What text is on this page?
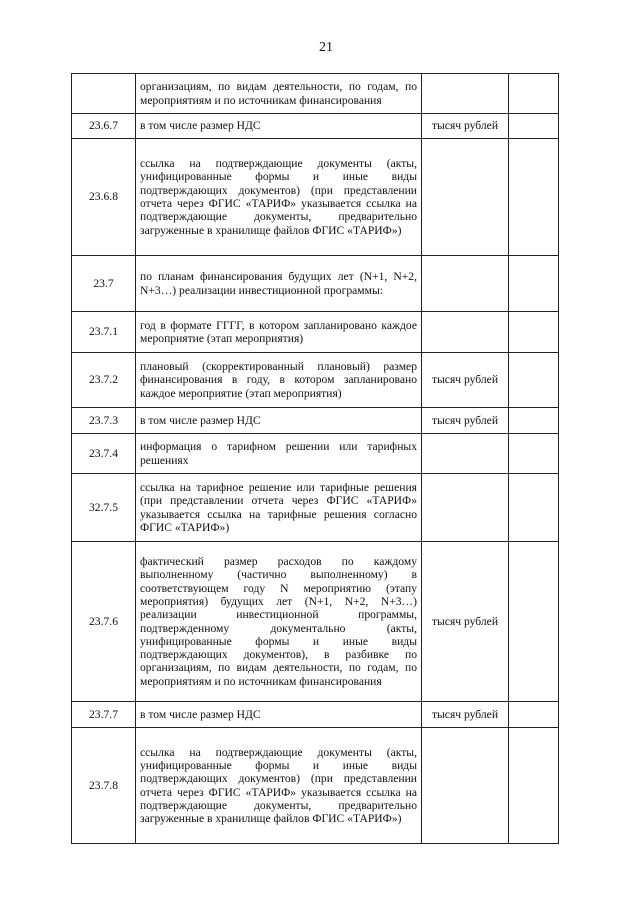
21
	организациям, по видам деятельности, по годам, по мероприятиям и по источникам финансирования		
23.6.7	в том числе размер НДС	тысяч рублей	
23.6.8	ссылка на подтверждающие документы (акты, унифицированные формы и иные виды подтверждающих документов) (при представлении отчета через ФГИС «ТАРИФ» указывается ссылка на подтверждающие документы, предварительно загруженные в хранилище файлов ФГИС «ТАРИФ»)		
23.7	по планам финансирования будущих лет (N+1, N+2, N+3…) реализации инвестиционной программы:		
23.7.1	год в формате ГГГГ, в котором запланировано каждое мероприятие (этап мероприятия)		
23.7.2	плановый (скорректированный плановый) размер финансирования в году, в котором запланировано каждое мероприятие (этап мероприятия)	тысяч рублей	
23.7.3	в том числе размер НДС	тысяч рублей	
23.7.4	информация о тарифном решении или тарифных решениях		
32.7.5	ссылка на тарифное решение или тарифные решения (при представлении отчета через ФГИС «ТАРИФ» указывается ссылка на тарифные решения согласно ФГИС «ТАРИФ»)		
23.7.6	фактический размер расходов по каждому выполненному (частично выполненному) в соответствующем году N мероприятию (этапу мероприятия) будущих лет (N+1, N+2, N+3…) реализации инвестиционной программы, подтвержденному документально (акты, унифицированные формы и иные виды подтверждающих документов), в разбивке по организациям, по видам деятельности, по годам, по мероприятиям и по источникам финансирования	тысяч рублей	
23.7.7	в том числе размер НДС	тысяч рублей	
23.7.8	ссылка на подтверждающие документы (акты, унифицированные формы и иные виды подтверждающих документов) (при представлении отчета через ФГИС «ТАРИФ» указывается ссылка на подтверждающие документы, предварительно загруженные в хранилище файлов ФГИС «ТАРИФ»)		
